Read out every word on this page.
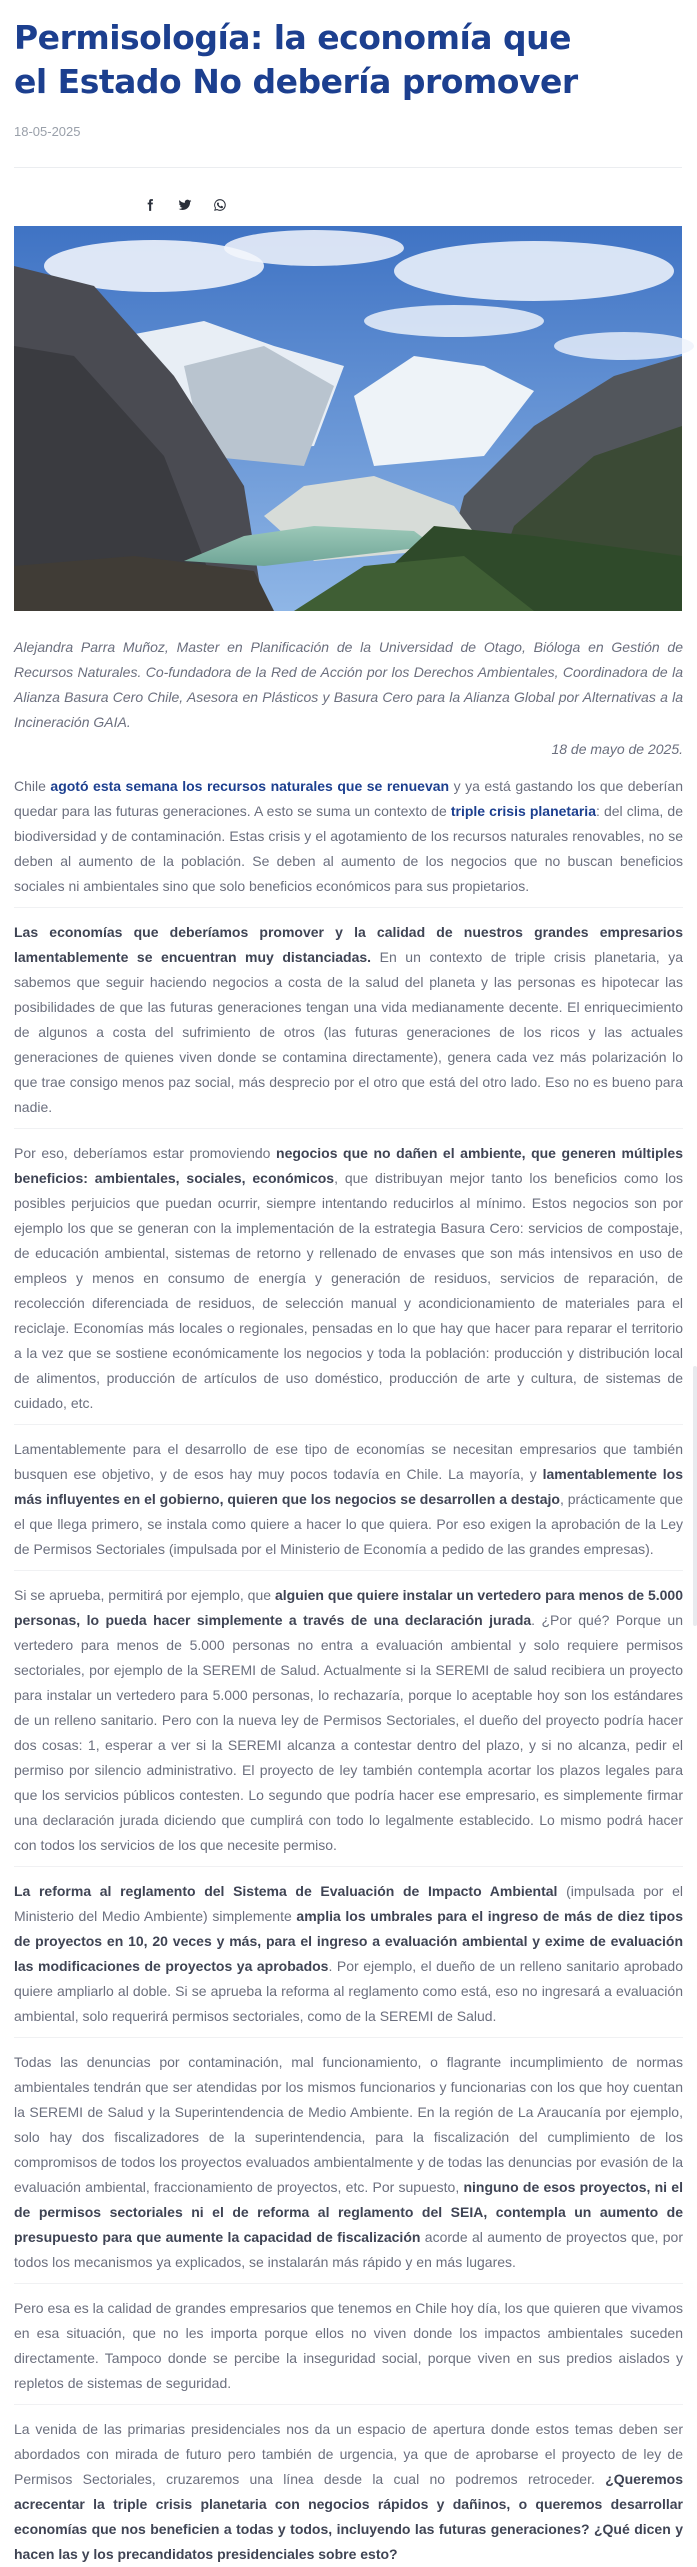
Permisología: la economía que el Estado No debería promover
18-05-2025

Alejandra Parra Muñoz, Master en Planificación de la Universidad de Otago, Bióloga en Gestión de Recursos Naturales. Co-fundadora de la Red de Acción por los Derechos Ambientales, Coordinadora de la Alianza Basura Cero Chile, Asesora en Plásticos y Basura Cero para la Alianza Global por Alternativas a la Incineración GAIA.

18 de mayo de 2025.

Chile agotó esta semana los recursos naturales que se renuevan y ya está gastando los que deberían quedar para las futuras generaciones. A esto se suma un contexto de triple crisis planetaria: del clima, de biodiversidad y de contaminación. Estas crisis y el agotamiento de los recursos naturales renovables, no se deben al aumento de la población. Se deben al aumento de los negocios que no buscan beneficios sociales ni ambientales sino que solo beneficios económicos para sus propietarios.

Las economías que deberíamos promover y la calidad de nuestros grandes empresarios lamentablemente se encuentran muy distanciadas. En un contexto de triple crisis planetaria, ya sabemos que seguir haciendo negocios a costa de la salud del planeta y las personas es hipotecar las posibilidades de que las futuras generaciones tengan una vida medianamente decente. El enriquecimiento de algunos a costa del sufrimiento de otros (las futuras generaciones de los ricos y las actuales generaciones de quienes viven donde se contamina directamente), genera cada vez más polarización lo que trae consigo menos paz social, más desprecio por el otro que está del otro lado. Eso no es bueno para nadie.

Por eso, deberíamos estar promoviendo negocios que no dañen el ambiente, que generen múltiples beneficios: ambientales, sociales, económicos, que distribuyan mejor tanto los beneficios como los posibles perjuicios que puedan ocurrir, siempre intentando reducirlos al mínimo. Estos negocios son por ejemplo los que se generan con la implementación de la estrategia Basura Cero: servicios de compostaje, de educación ambiental, sistemas de retorno y rellenado de envases que son más intensivos en uso de empleos y menos en consumo de energía y generación de residuos, servicios de reparación, de recolección diferenciada de residuos, de selección manual y acondicionamiento de materiales para el reciclaje. Economías más locales o regionales, pensadas en lo que hay que hacer para reparar el territorio a la vez que se sostiene económicamente los negocios y toda la población: producción y distribución local de alimentos, producción de artículos de uso doméstico, producción de arte y cultura, de sistemas de cuidado, etc.

Lamentablemente para el desarrollo de ese tipo de economías se necesitan empresarios que también busquen ese objetivo, y de esos hay muy pocos todavía en Chile. La mayoría, y lamentablemente los más influyentes en el gobierno, quieren que los negocios se desarrollen a destajo, prácticamente que el que llega primero, se instala como quiere a hacer lo que quiera. Por eso exigen la aprobación de la Ley de Permisos Sectoriales (impulsada por el Ministerio de Economía a pedido de las grandes empresas).

Si se aprueba, permitirá por ejemplo, que alguien que quiere instalar un vertedero para menos de 5.000 personas, lo pueda hacer simplemente a través de una declaración jurada. ¿Por qué? Porque un vertedero para menos de 5.000 personas no entra a evaluación ambiental y solo requiere permisos sectoriales, por ejemplo de la SEREMI de Salud. Actualmente si la SEREMI de salud recibiera un proyecto para instalar un vertedero para 5.000 personas, lo rechazaría, porque lo aceptable hoy son los estándares de un relleno sanitario. Pero con la nueva ley de Permisos Sectoriales, el dueño del proyecto podría hacer dos cosas: 1, esperar a ver si la SEREMI alcanza a contestar dentro del plazo, y si no alcanza, pedir el permiso por silencio administrativo. El proyecto de ley también contempla acortar los plazos legales para que los servicios públicos contesten. Lo segundo que podría hacer ese empresario, es simplemente firmar una declaración jurada diciendo que cumplirá con todo lo legalmente establecido. Lo mismo podrá hacer con todos los servicios de los que necesite permiso.

La reforma al reglamento del Sistema de Evaluación de Impacto Ambiental (impulsada por el Ministerio del Medio Ambiente) simplemente amplia los umbrales para el ingreso de más de diez tipos de proyectos en 10, 20 veces y más, para el ingreso a evaluación ambiental y exime de evaluación las modificaciones de proyectos ya aprobados. Por ejemplo, el dueño de un relleno sanitario aprobado quiere ampliarlo al doble. Si se aprueba la reforma al reglamento como está, eso no ingresará a evaluación ambiental, solo requerirá permisos sectoriales, como de la SEREMI de Salud.

Todas las denuncias por contaminación, mal funcionamiento, o flagrante incumplimiento de normas ambientales tendrán que ser atendidas por los mismos funcionarios y funcionarias con los que hoy cuentan la SEREMI de Salud y la Superintendencia de Medio Ambiente. En la región de La Araucanía por ejemplo, solo hay dos fiscalizadores de la superintendencia, para la fiscalización del cumplimiento de los compromisos de todos los proyectos evaluados ambientalmente y de todas las denuncias por evasión de la evaluación ambiental, fraccionamiento de proyectos, etc. Por supuesto, ninguno de esos proyectos, ni el de permisos sectoriales ni el de reforma al reglamento del SEIA, contempla un aumento de presupuesto para que aumente la capacidad de fiscalización acorde al aumento de proyectos que, por todos los mecanismos ya explicados, se instalarán más rápido y en más lugares.

Pero esa es la calidad de grandes empresarios que tenemos en Chile hoy día, los que quieren que vivamos en esa situación, que no les importa porque ellos no viven donde los impactos ambientales suceden directamente. Tampoco donde se percibe la inseguridad social, porque viven en sus predios aislados y repletos de sistemas de seguridad.

La venida de las primarias presidenciales nos da un espacio de apertura donde estos temas deben ser abordados con mirada de futuro pero también de urgencia, ya que de aprobarse el proyecto de ley de Permisos Sectoriales, cruzaremos una línea desde la cual no podremos retroceder. ¿Queremos acrecentar la triple crisis planetaria con negocios rápidos y dañinos, o queremos desarrollar economías que nos beneficien a todas y todos, incluyendo las futuras generaciones? ¿Qué dicen y hacen las y los precandidatos presidenciales sobre esto?
